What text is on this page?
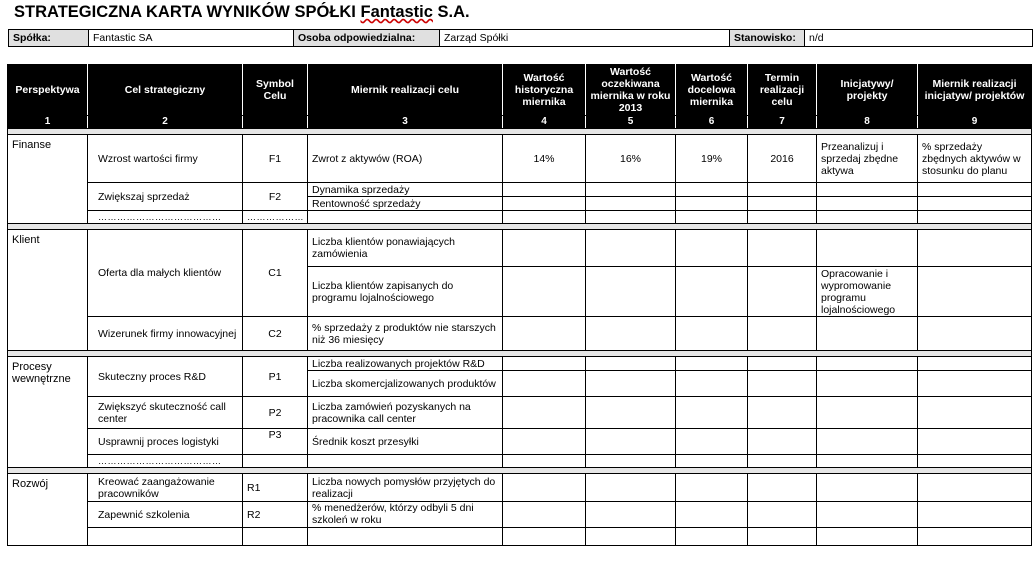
STRATEGICZNA KARTA WYNIKÓW SPÓŁKI Fantastic S.A.
Spółka:	Fantastic SA	Osoba odpowiedzialna:	Zarząd Spółki	Stanowisko:	n/d
Perspektywa	Cel strategiczny	Symbol Celu	Miernik realizacji celu	Wartość historyczna miernika	Wartość oczekiwana miernika w roku 2013	Wartość docelowa miernika	Termin realizacji celu	Inicjatywy/ projekty	Miernik realizacji inicjatyw/ projektów
1	2		3	4	5	6	7	8	9

Finanse	Wzrost wartości firmy	F1	Zwrot z aktywów (ROA)	14%	16%	19%	2016	Przeanalizuj i sprzedaj zbędne aktywa	% sprzedaży zbędnych aktywów w stosunku do planu
	Zwiększaj sprzedaż	F2	Dynamika sprzedaży						
			Rentowność sprzedaży						
	…………………………………	………………							

Klient	Oferta dla małych klientów	C1	Liczba klientów ponawiających zamówienia						
			Liczba klientów zapisanych do programu lojalnościowego					Opracowanie i wypromowanie programu lojalnościowego	
	Wizerunek firmy innowacyjnej	C2	% sprzedaży z produktów nie starszych niż 36 miesięcy						

Procesy wewnętrzne	Skuteczny proces R&D	P1	Liczba realizowanych projektów R&D						
			Liczba skomercjalizowanych produktów						
	Zwiększyć skuteczność call center	P2	Liczba zamówień pozyskanych na pracownika call center						
	Usprawnij proces logistyki	P3	Średnik koszt przesyłki						
	…………………………………								

Rozwój	Kreować zaangażowanie pracowników	R1	Liczba nowych pomysłów przyjętych do realizacji						
	Zapewnić szkolenia	R2	% menedżerów, którzy odbyli 5 dni szkoleń w roku						
